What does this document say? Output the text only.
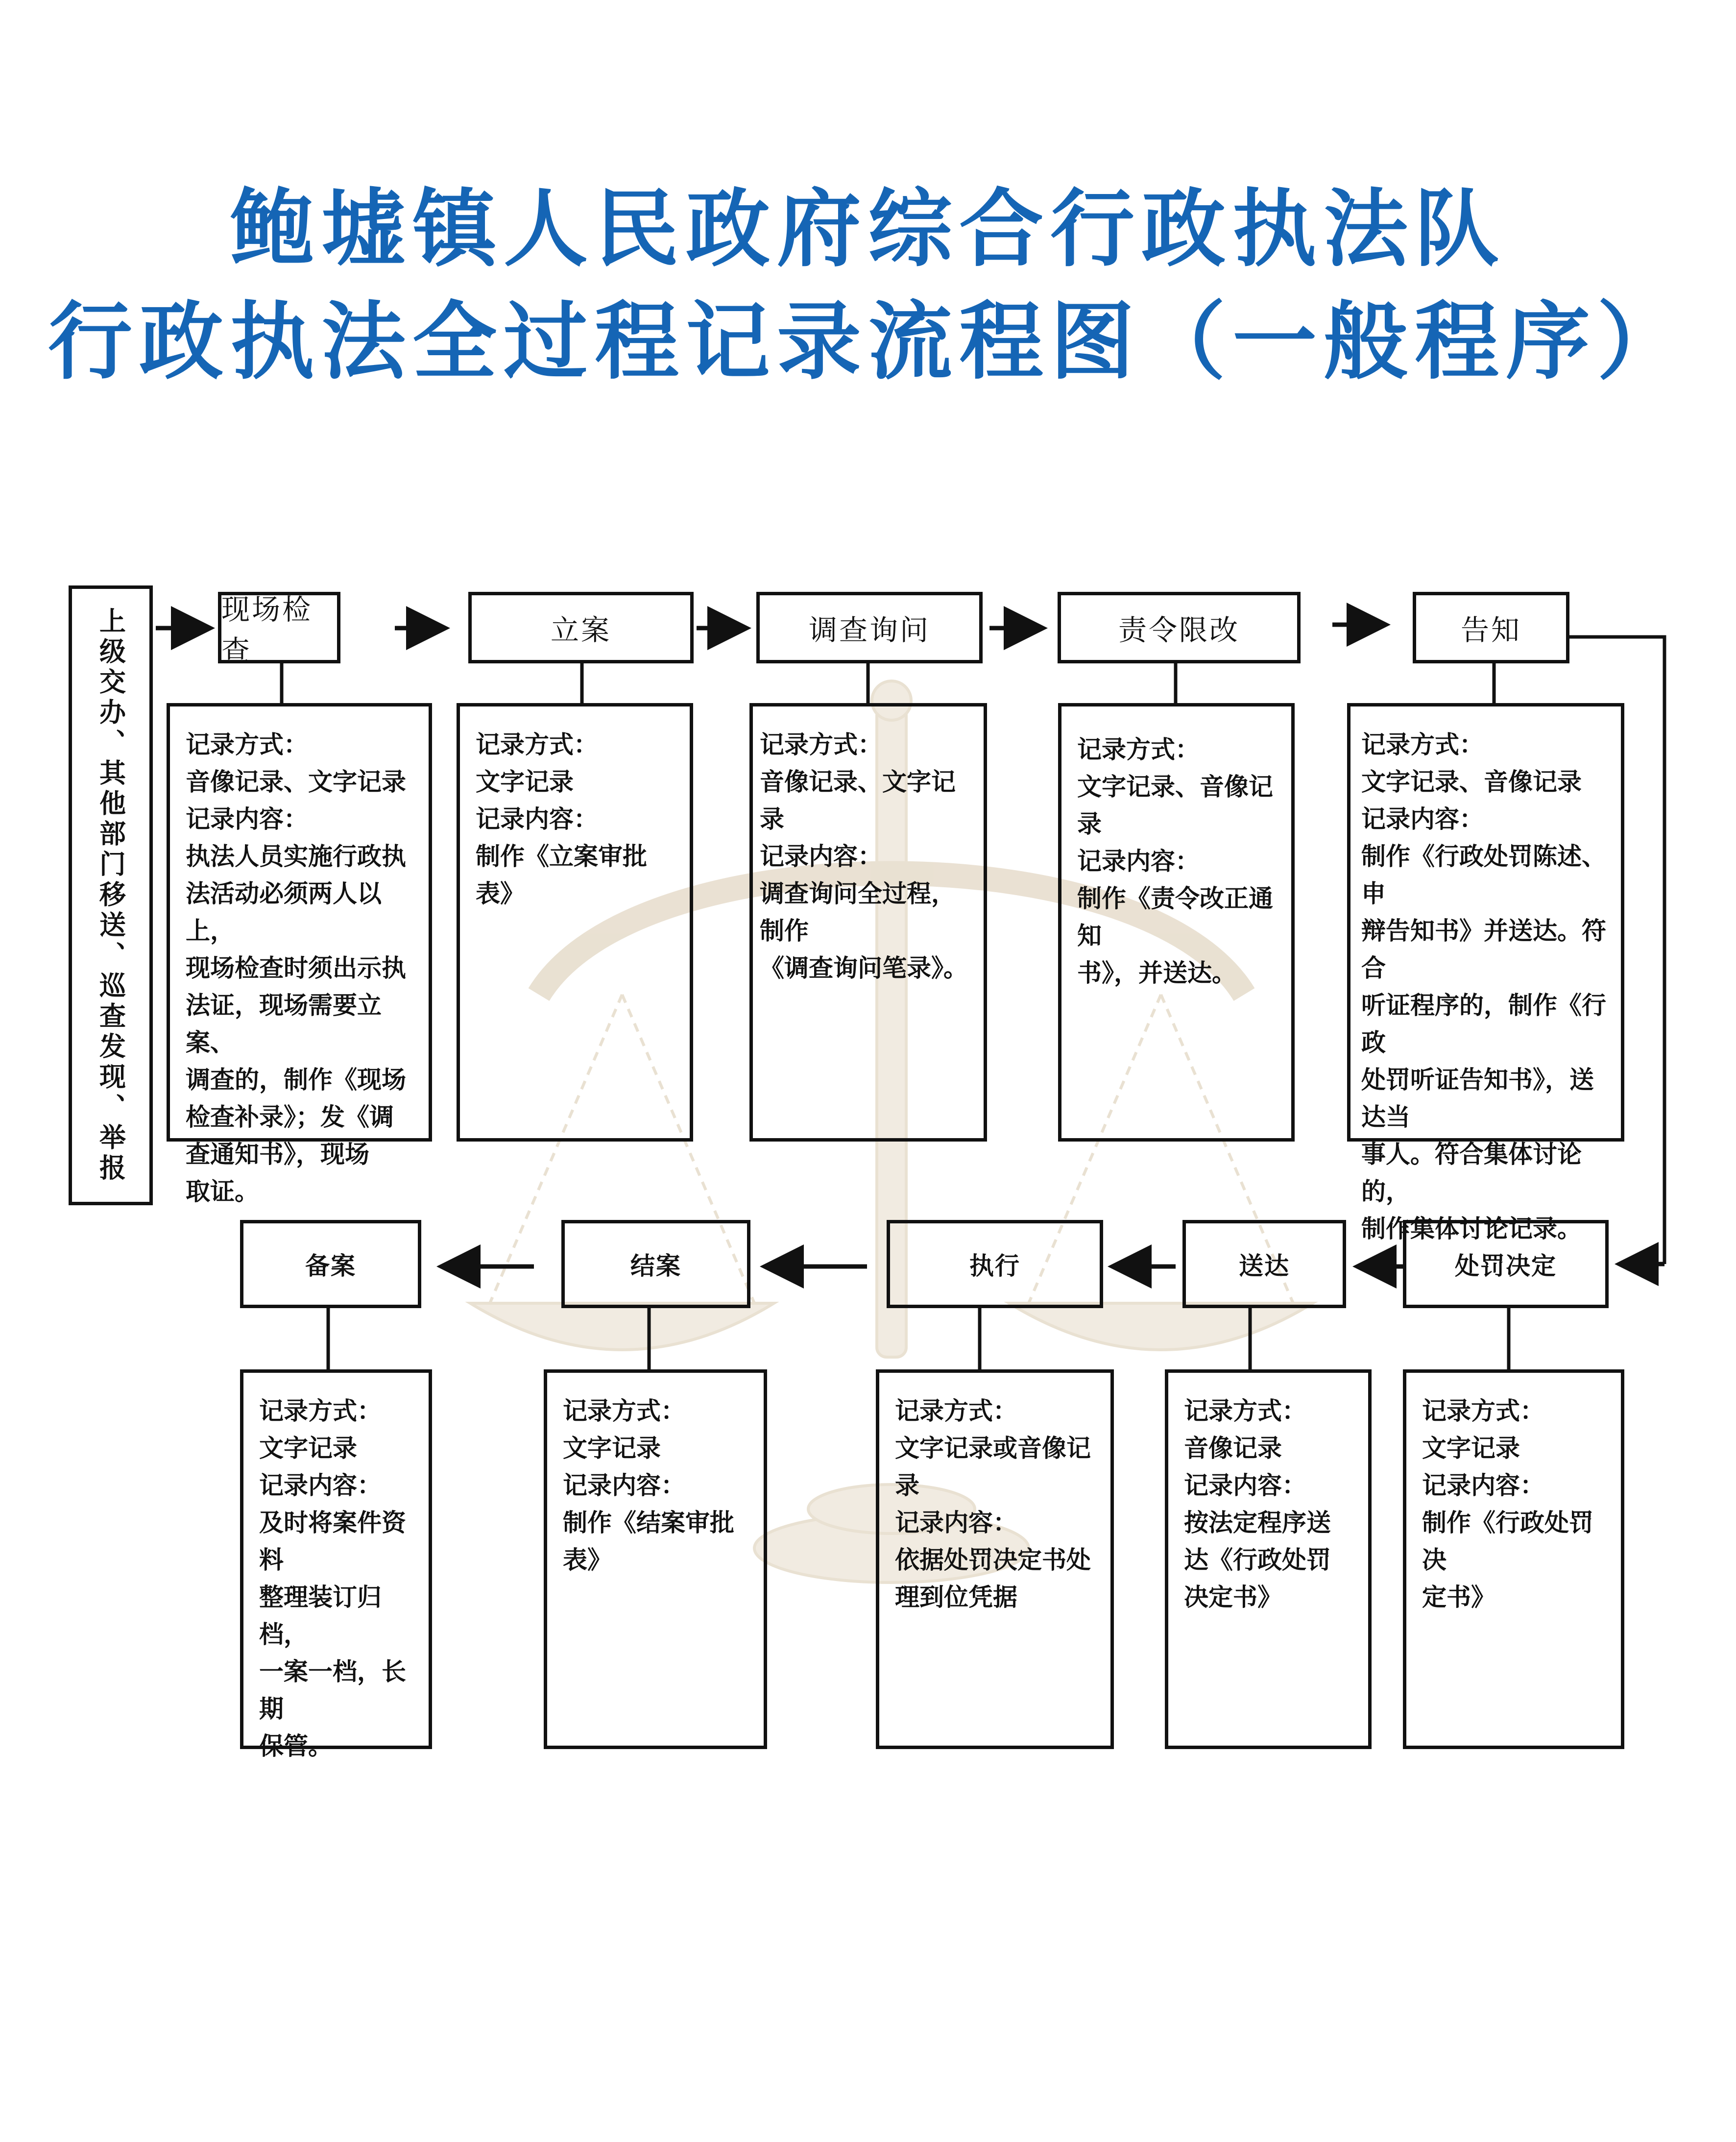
鲍墟镇人民政府综合行政执法队
行政执法全过程记录流程图（一般程序）
上级交办、其他部门移送、巡查发现、举报	现场检查
立案	调查询问	责令限改	告知

记录方式：

音像记录、文字记录

记录内容：

执法人员实施行政执

法活动必须两人以上，

现场检查时须出示执

法证，现场需要立案、

调查的，制作《现场

检查补录》；发《调

查通知书》，现场

取证。

记录方式：

文字记录

记录内容：

制作《立案审批表》

记录方式：

音像记录、文字记录

记录内容：

调查询问全过程，制作

《调查询问笔录》。

记录方式：

文字记录、音像记录

记录内容：

制作《责令改正通知

书》，并送达。

记录方式：

文字记录、音像记录

记录内容：

制作《行政处罚陈述、申

辩告知书》并送达。符合

听证程序的，制作《行政

处罚听证告知书》，送达当

事人。符合集体讨论的，

制作集体讨论记录。

处罚决定
送达
执行
结案
备案

记录方式：

文字记录

记录内容：

制作《行政处罚决

定书》

记录方式：

音像记录

记录内容：

按法定程序送

达《行政处罚

决定书》

记录方式：

文字记录或音像记

录

记录内容：

依据处罚决定书处

理到位凭据

记录方式：

文字记录

记录内容：

制作《结案审批

表》

记录方式：

文字记录

记录内容：

及时将案件资料

整理装订归档，

一案一档，长期

保管。
